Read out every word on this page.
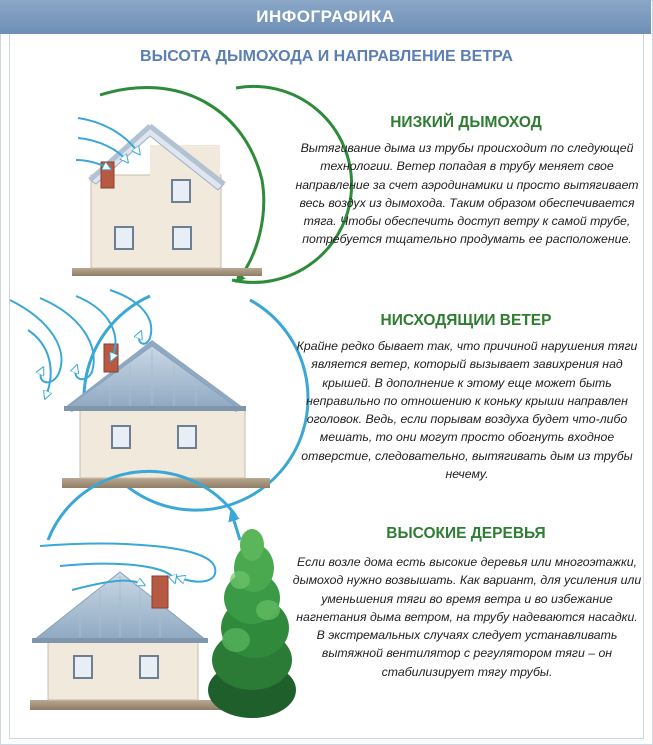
ИНФОГРАФИКА
ВЫСОТА ДЫМОХОДА И НАПРАВЛЕНИЕ ВЕТРА
НИЗКИЙ ДЫМОХОД
Вытягивание дыма из трубы происходит по следующей технологии. Ветер попадая в трубу меняет свое направление за счет аэродинамики и просто вытягивает весь воздух из дымохода. Таким образом обеспечивается тяга. Чтобы обеспечить доступ ветру к самой трубе, потребуется тщательно продумать ее расположение.
НИСХОДЯЩИИ ВЕТЕР
Крайне редко бывает так, что причиной нарушения тяги является ветер, который вызывает завихрения над крышей. В дополнение к этому еще может быть неправильно по отношению к коньку крыши направлен оголовок. Ведь, если порывам воздуха будет что-либо мешать, то они могут просто обогнуть входное отверстие, следовательно, вытягивать дым из трубы нечему.
ВЫСОКИЕ ДЕРЕВЬЯ
Если возле дома есть высокие деревья или многоэтажки, дымоход нужно возвышать. Как вариант, для усиления или уменьшения тяги во время ветра и во избежание нагнетания дыма ветром, на трубу надеваются насадки. В экстремальных случаях следует устанавливать вытяжной вентилятор с регулятором тяги – он стабилизирует тягу трубы.
